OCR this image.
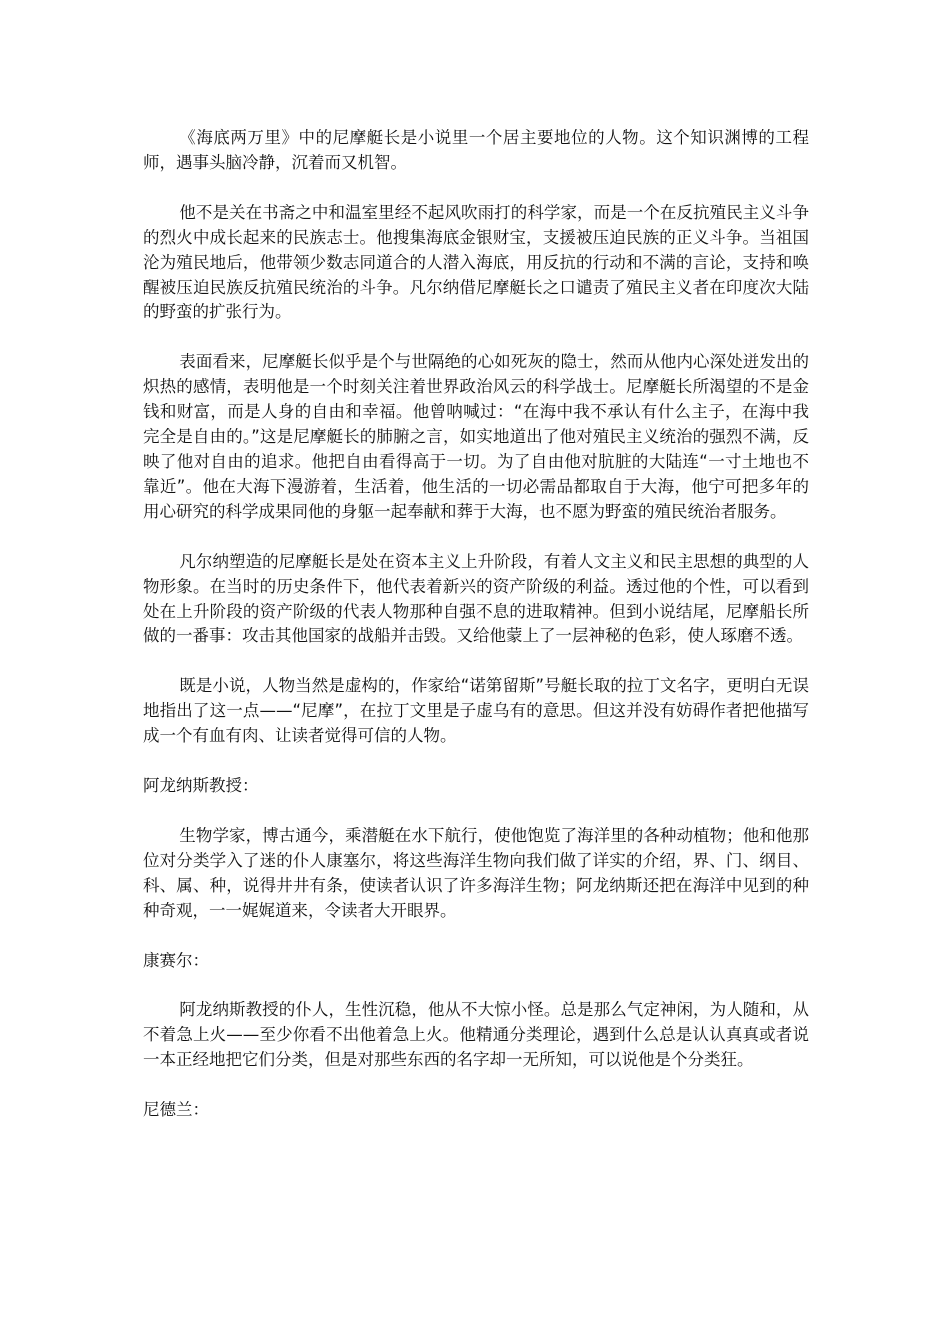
《海底两万里》中的尼摩艇长是小说里一个居主要地位的人物。这个知识渊博的工程师，遇事头脑冷静，沉着而又机智。

他不是关在书斋之中和温室里经不起风吹雨打的科学家，而是一个在反抗殖民主义斗争的烈火中成长起来的民族志士。他搜集海底金银财宝，支援被压迫民族的正义斗争。当祖国沦为殖民地后，他带领少数志同道合的人潜入海底，用反抗的行动和不满的言论，支持和唤醒被压迫民族反抗殖民统治的斗争。凡尔纳借尼摩艇长之口谴责了殖民主义者在印度次大陆的野蛮的扩张行为。

表面看来，尼摩艇长似乎是个与世隔绝的心如死灰的隐士，然而从他内心深处迸发出的炽热的感情，表明他是一个时刻关注着世界政治风云的科学战士。尼摩艇长所渴望的不是金钱和财富，而是人身的自由和幸福。他曾呐喊过：“在海中我不承认有什么主子，在海中我完全是自由的。”这是尼摩艇长的肺腑之言，如实地道出了他对殖民主义统治的强烈不满，反映了他对自由的追求。他把自由看得高于一切。为了自由他对肮脏的大陆连“一寸土地也不靠近”。他在大海下漫游着，生活着，他生活的一切必需品都取自于大海，他宁可把多年的用心研究的科学成果同他的身躯一起奉献和葬于大海，也不愿为野蛮的殖民统治者服务。

凡尔纳塑造的尼摩艇长是处在资本主义上升阶段，有着人文主义和民主思想的典型的人物形象。在当时的历史条件下，他代表着新兴的资产阶级的利益。透过他的个性，可以看到处在上升阶段的资产阶级的代表人物那种自强不息的进取精神。但到小说结尾，尼摩船长所做的一番事：攻击其他国家的战船并击毁。又给他蒙上了一层神秘的色彩，使人琢磨不透。

既是小说，人物当然是虚构的，作家给“诺第留斯”号艇长取的拉丁文名字，更明白无误地指出了这一点——“尼摩”，在拉丁文里是子虚乌有的意思。但这并没有妨碍作者把他描写成一个有血有肉、让读者觉得可信的人物。

阿龙纳斯教授：

生物学家，博古通今，乘潜艇在水下航行，使他饱览了海洋里的各种动植物；他和他那位对分类学入了迷的仆人康塞尔，将这些海洋生物向我们做了详实的介绍，界、门、纲目、科、属、种，说得井井有条，使读者认识了许多海洋生物；阿龙纳斯还把在海洋中见到的种种奇观，一一娓娓道来，令读者大开眼界。

康赛尔：

阿龙纳斯教授的仆人，生性沉稳，他从不大惊小怪。总是那么气定神闲，为人随和，从不着急上火——至少你看不出他着急上火。他精通分类理论，遇到什么总是认认真真或者说一本正经地把它们分类，但是对那些东西的名字却一无所知，可以说他是个分类狂。

尼德兰：
